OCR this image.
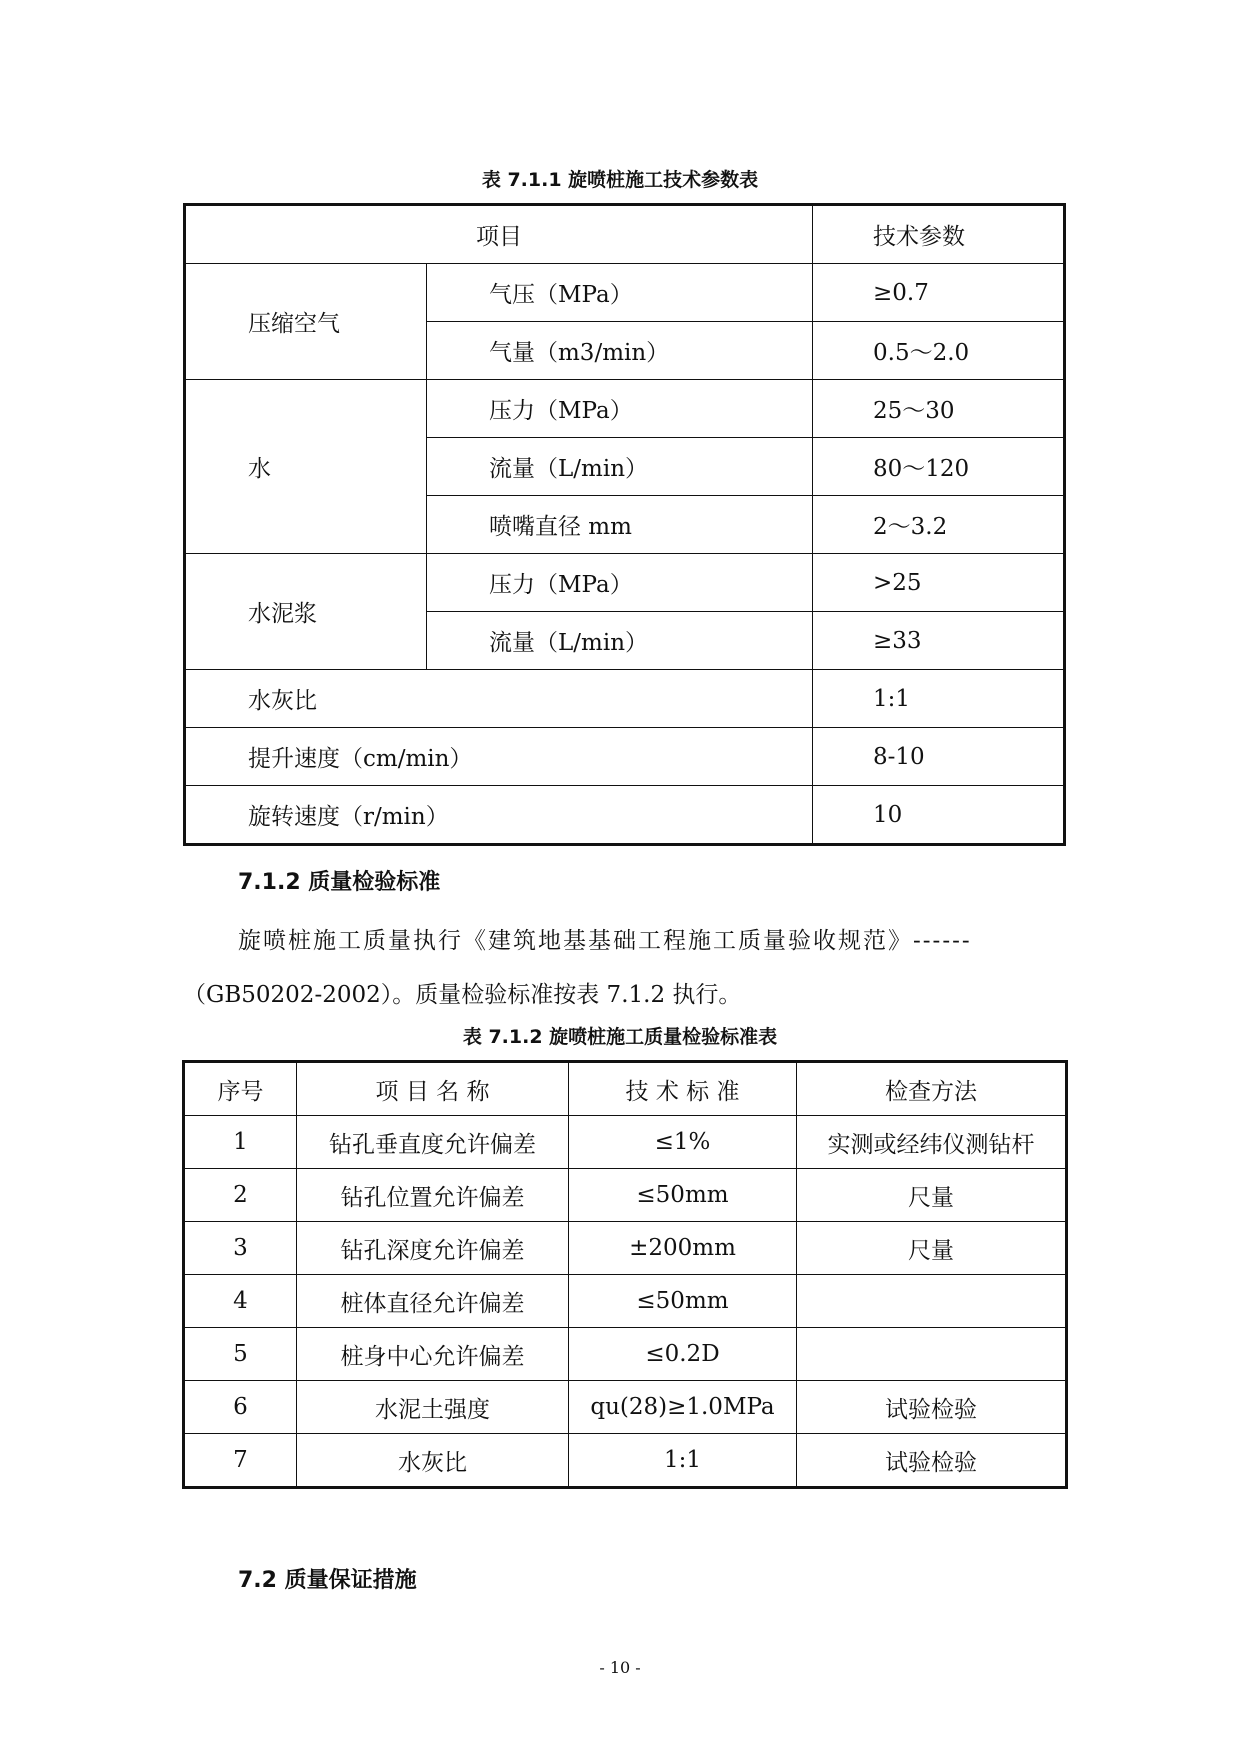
表 7.1.1 旋喷桩施工技术参数表
项目		技术参数
压缩空气	气压（MPa）	≥0.7
	气量（m3/min）	0.5～2.0
水	压力（MPa）	25～30
	流量（L/min）	80～120
	喷嘴直径 mm	2～3.2
水泥浆	压力（MPa）	>25
	流量（L/min）	≥33
水灰比		1:1
提升速度（cm/min）		8-10
旋转速度（r/min）		10
7.1.2 质量检验标准
旋喷桩施工质量执行《建筑地基基础工程施工质量验收规范》------
（GB50202-2002）。质量检验标准按表 7.1.2 执行。
表 7.1.2 旋喷桩施工质量检验标准表
序号	项 目 名 称	技 术 标 准	检查方法
1	钻孔垂直度允许偏差	≤1%	实测或经纬仪测钻杆
2	钻孔位置允许偏差	≤50mm	尺量
3	钻孔深度允许偏差	±200mm	尺量
4	桩体直径允许偏差	≤50mm	
5	桩身中心允许偏差	≤0.2D	
6	水泥土强度	qu(28)≥1.0MPa	试验检验
7	水灰比	1:1	试验检验
7.2 质量保证措施
- 10 -
